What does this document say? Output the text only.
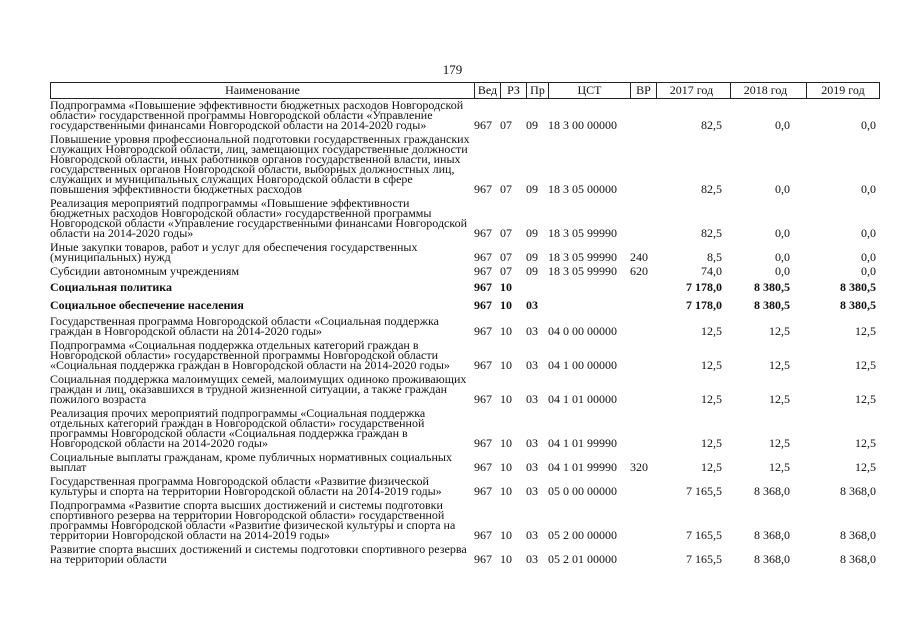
179
Наименование	Вед РЗ Пр	ЦСТ	ВР	2017 год	2018 год	2019 год
Подпрограмма «Повышение эффективности бюджетных расходов Новгородской области» государственной программы Новгородской области «Управление государственными финансами Новгородской области на 2014-2020 годы»	967 07	09 18 3 00 00000	82,5	0,0	0,0
Повышение уровня профессиональной подготовки государственных гражданских служащих Новгородской области, лиц, замещающих государственные должности Новгородской области, иных работников органов государственной власти, иных государственных органов Новгородской области, выборных должностных лиц, служащих и муниципальных служащих Новгородской области в сфере повышения эффективности бюджетных расходов	967 07	09 18 3 05 00000	82,5	0,0	0,0
Реализация мероприятий подпрограммы «Повышение эффективности бюджетных расходов Новгородской области» государственной программы Новгородской области «Управление государственными финансами Новгородской области на 2014-2020 годы»	967 07	09 18 3 05 99990	82,5	0,0	0,0
Иные закупки товаров, работ и услуг для обеспечения государственных (муниципальных) нужд	967 07	09 18 3 05 99990	240	8,5	0,0	0,0
Субсидии автономным учреждениям	967 07	09 18 3 05 99990	620	74,0	0,0	0,0
Социальная политика	967 10	7 178,0	8 380,5	8 380,5
Социальное обеспечение населения	967 10	03	7 178,0	8 380,5	8 380,5
Государственная программа Новгородской области «Социальная поддержка граждан в Новгородской области на 2014-2020 годы»	967 10	03 04 0 00 00000	12,5	12,5	12,5
Подпрограмма «Социальная поддержка отдельных категорий граждан в Новгородской области» государственной программы Новгородской области «Социальная поддержка граждан в Новгородской области на 2014-2020 годы»	967 10	03 04 1 00 00000	12,5	12,5	12,5
Социальная поддержка малоимущих семей, малоимущих одиноко проживающих граждан и лиц, оказавшихся в трудной жизненной ситуации, а также граждан пожилого возраста	967 10	03 04 1 01 00000	12,5	12,5	12,5
Реализация прочих мероприятий подпрограммы «Социальная поддержка отдельных категорий граждан в Новгородской области» государственной программы Новгородской области «Социальная поддержка граждан в Новгородской области на 2014-2020 годы»	967 10	03 04 1 01 99990	12,5	12,5	12,5
Социальные выплаты гражданам, кроме публичных нормативных социальных выплат	967 10	03 04 1 01 99990	320	12,5	12,5	12,5
Государственная программа Новгородской области «Развитие физической культуры и спорта на территории Новгородской области на 2014-2019 годы»	967 10	03 05 0 00 00000	7 165,5	8 368,0	8 368,0
Подпрограмма «Развитие спорта высших достижений и системы подготовки спортивного резерва на территории Новгородской области» государственной программы Новгородской области «Развитие физической культуры и спорта на территории Новгородской области на 2014-2019 годы»	967 10	03 05 2 00 00000	7 165,5	8 368,0	8 368,0
Развитие спорта высших достижений и системы подготовки спортивного резерва на территории области	967 10	03 05 2 01 00000	7 165,5	8 368,0	8 368,0
